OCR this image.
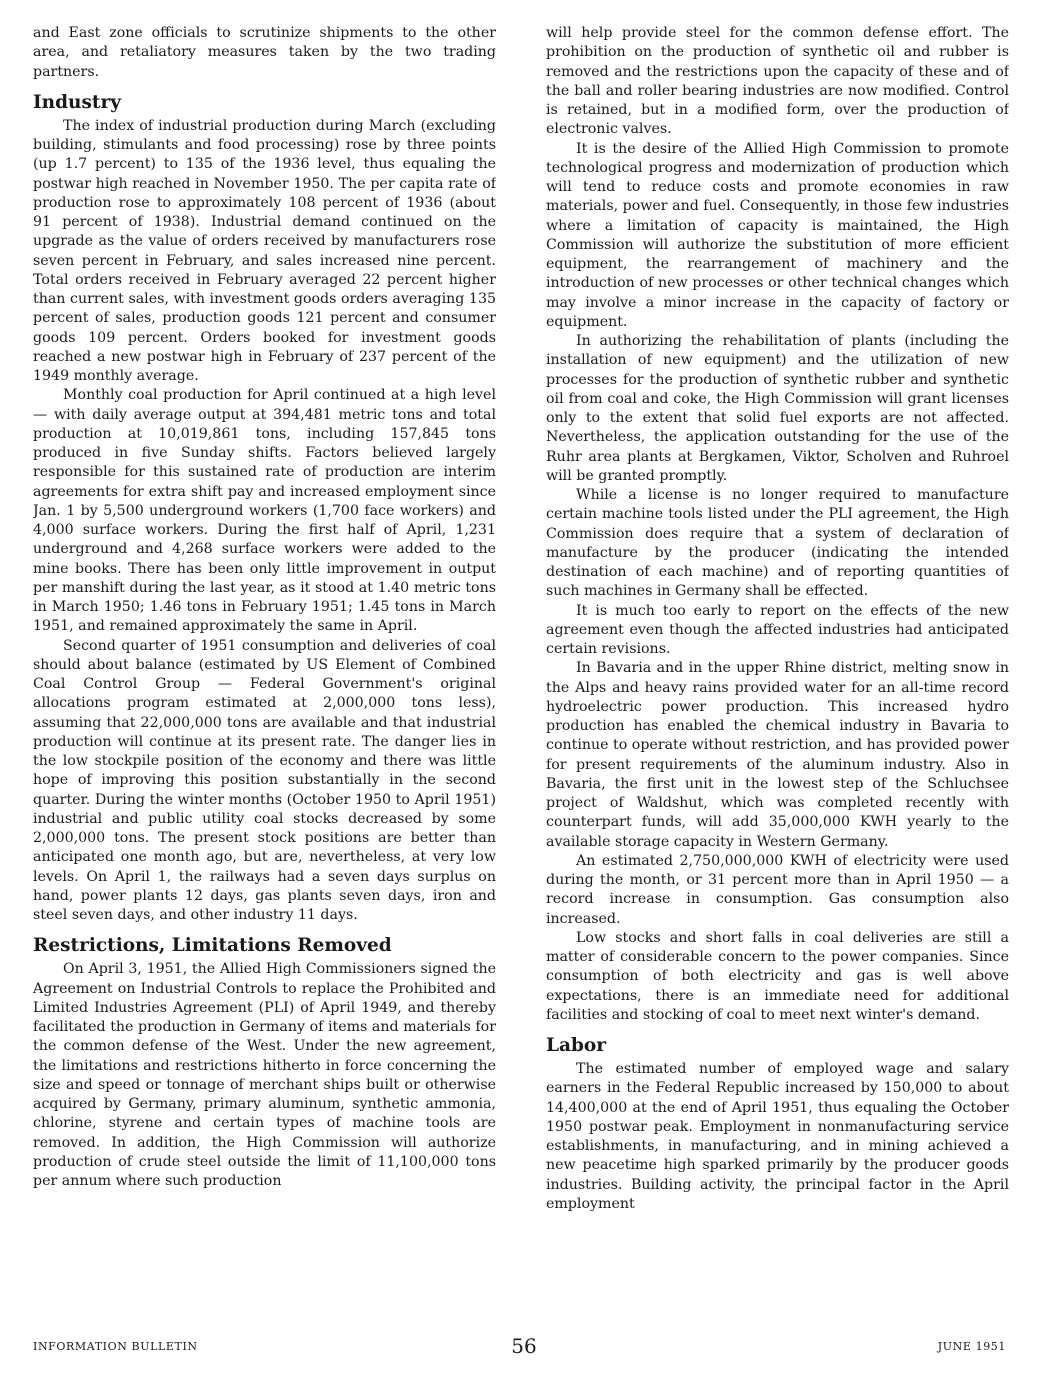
and East zone officials to scrutinize shipments to the other area, and retaliatory measures taken by the two trading partners.

Industry

The index of industrial production during March (excluding building, stimulants and food processing) rose by three points (up 1.7 percent) to 135 of the 1936 level, thus equaling the postwar high reached in November 1950. The per capita rate of production rose to approximately 108 percent of 1936 (about 91 percent of 1938). Industrial demand continued on the upgrade as the value of orders received by manufacturers rose seven percent in February, and sales increased nine percent. Total orders received in February averaged 22 percent higher than current sales, with investment goods orders averaging 135 percent of sales, production goods 121 percent and consumer goods 109 percent. Orders booked for investment goods reached a new postwar high in February of 237 percent of the 1949 monthly average.

Monthly coal production for April continued at a high level — with daily average output at 394,481 metric tons and total production at 10,019,861 tons, including 157,845 tons produced in five Sunday shifts. Factors believed largely responsible for this sustained rate of production are interim agreements for extra shift pay and increased employment since Jan. 1 by 5,500 underground workers (1,700 face workers) and 4,000 surface workers. During the first half of April, 1,231 underground and 4,268 surface workers were added to the mine books. There has been only little improvement in output per manshift during the last year, as it stood at 1.40 metric tons in March 1950; 1.46 tons in February 1951; 1.45 tons in March 1951, and remained approximately the same in April.

Second quarter of 1951 consumption and deliveries of coal should about balance (estimated by US Element of Combined Coal Control Group — Federal Government's original allocations program estimated at 2,000,000 tons less), assuming that 22,000,000 tons are available and that industrial production will continue at its present rate. The danger lies in the low stockpile position of the economy and there was little hope of improving this position substantially in the second quarter. During the winter months (October 1950 to April 1951) industrial and public utility coal stocks decreased by some 2,000,000 tons. The present stock positions are better than anticipated one month ago, but are, nevertheless, at very low levels. On April 1, the railways had a seven days surplus on hand, power plants 12 days, gas plants seven days, iron and steel seven days, and other industry 11 days.

Restrictions, Limitations Removed

On April 3, 1951, the Allied High Commissioners signed the Agreement on Industrial Controls to replace the Prohibited and Limited Industries Agreement (PLI) of April 1949, and thereby facilitated the production in Germany of items and materials for the common defense of the West. Under the new agreement, the limitations and restrictions hitherto in force concerning the size and speed or tonnage of merchant ships built or otherwise acquired by Germany, primary aluminum, synthetic ammonia, chlorine, styrene and certain types of machine tools are removed. In addition, the High Commission will authorize production of crude steel outside the limit of 11,100,000 tons per annum where such production

will help provide steel for the common defense effort. The prohibition on the production of synthetic oil and rubber is removed and the restrictions upon the capacity of these and of the ball and roller bearing industries are now modified. Control is retained, but in a modified form, over the production of electronic valves.

It is the desire of the Allied High Commission to promote technological progress and modernization of production which will tend to reduce costs and promote economies in raw materials, power and fuel. Consequently, in those few industries where a limitation of capacity is maintained, the High Commission will authorize the substitution of more efficient equipment, the rearrangement of machinery and the introduction of new processes or other technical changes which may involve a minor increase in the capacity of factory or equipment.

In authorizing the rehabilitation of plants (including the installation of new equipment) and the utilization of new processes for the production of synthetic rubber and synthetic oil from coal and coke, the High Commission will grant licenses only to the extent that solid fuel exports are not affected. Nevertheless, the application outstanding for the use of the Ruhr area plants at Bergkamen, Viktor, Scholven and Ruhroel will be granted promptly.

While a license is no longer required to manufacture certain machine tools listed under the PLI agreement, the High Commission does require that a system of declaration of manufacture by the producer (indicating the intended destination of each machine) and of reporting quantities of such machines in Germany shall be effected.

It is much too early to report on the effects of the new agreement even though the affected industries had anticipated certain revisions.

In Bavaria and in the upper Rhine district, melting snow in the Alps and heavy rains provided water for an all-time record hydroelectric power production. This increased hydro production has enabled the chemical industry in Bavaria to continue to operate without restriction, and has provided power for present requirements of the aluminum industry. Also in Bavaria, the first unit in the lowest step of the Schluchsee project of Waldshut, which was completed recently with counterpart funds, will add 35,000,000 KWH yearly to the available storage capacity in Western Germany.

An estimated 2,750,000,000 KWH of electricity were used during the month, or 31 percent more than in April 1950 — a record increase in consumption. Gas consumption also increased.

Low stocks and short falls in coal deliveries are still a matter of considerable concern to the power companies. Since consumption of both electricity and gas is well above expectations, there is an immediate need for additional facilities and stocking of coal to meet next winter's demand.

Labor

The estimated number of employed wage and salary earners in the Federal Republic increased by 150,000 to about 14,400,000 at the end of April 1951, thus equaling the October 1950 postwar peak. Employment in nonmanufacturing service establishments, in manufacturing, and in mining achieved a new peacetime high sparked primarily by the producer goods industries. Building activity, the principal factor in the April employment

INFORMATION BULLETIN	56	JUNE 1951
